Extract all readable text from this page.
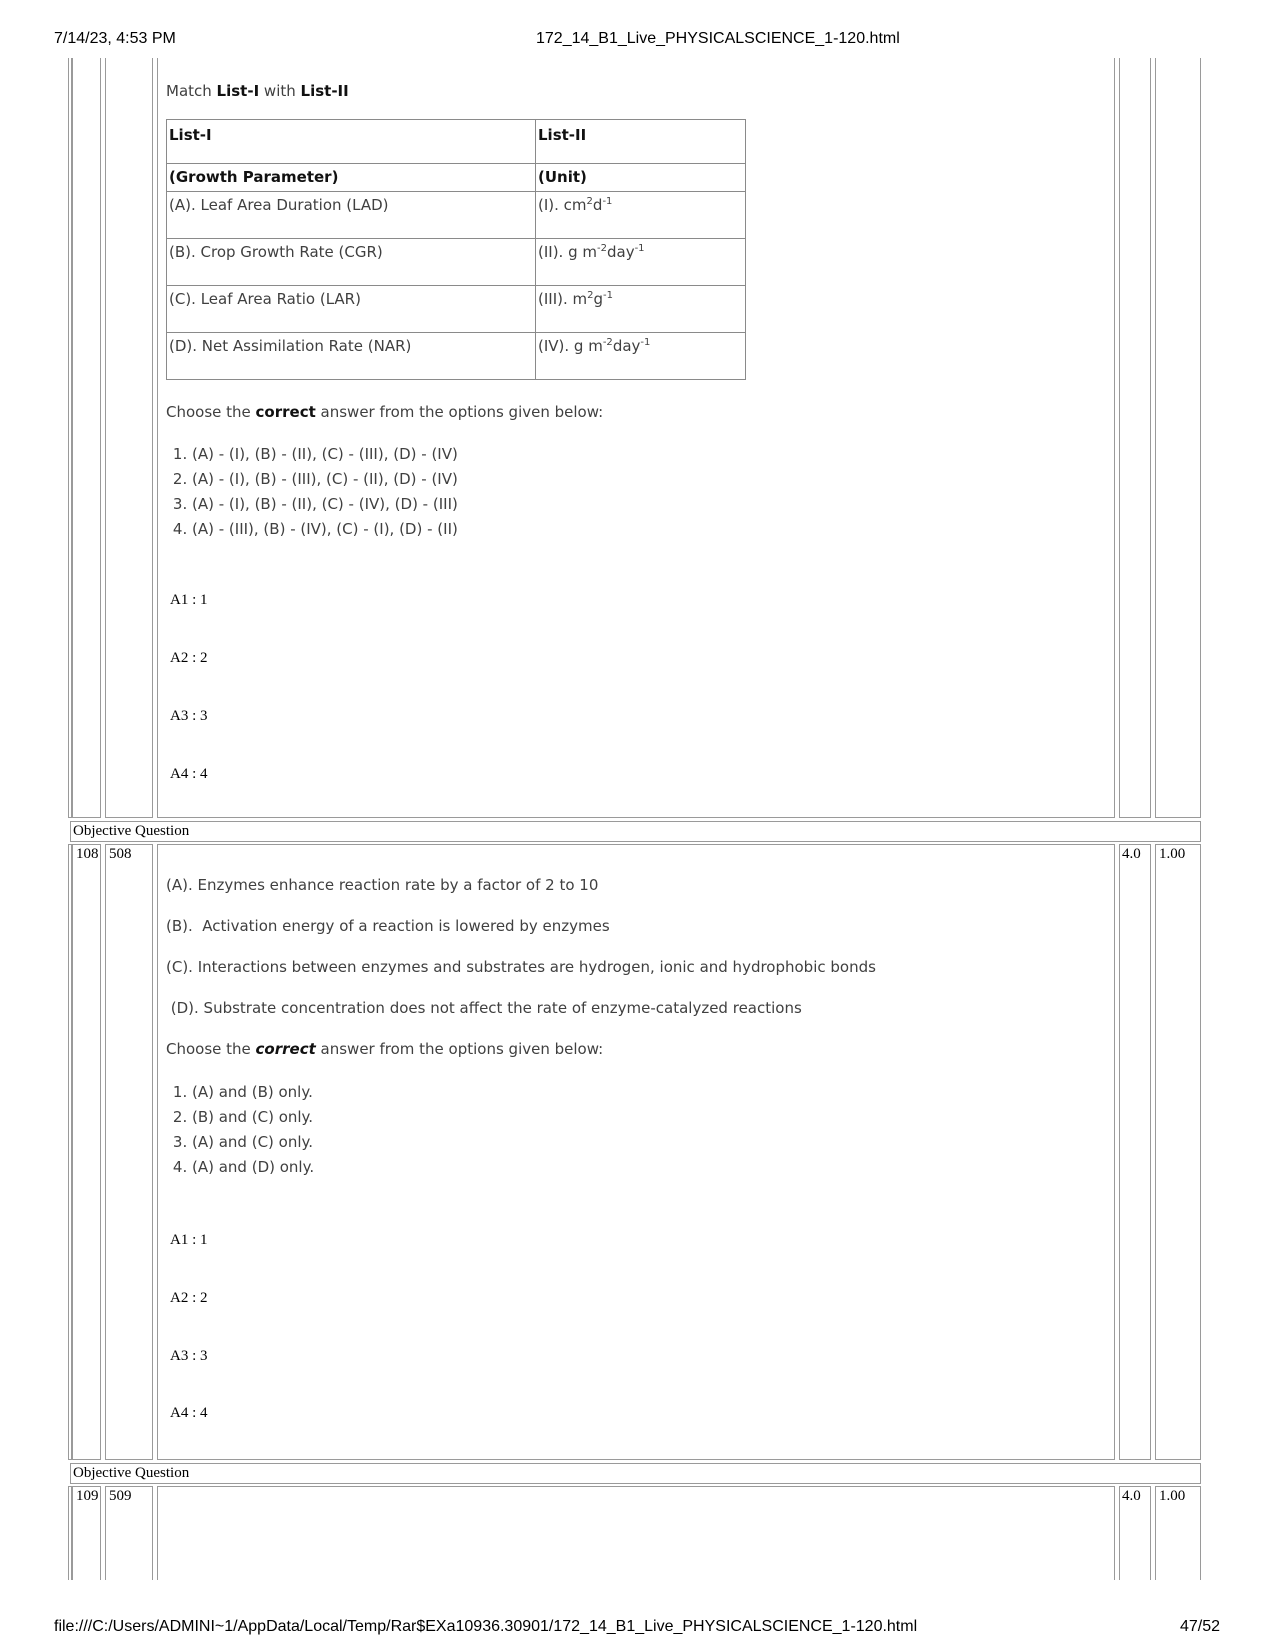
7/14/23, 4:53 PM	172_14_B1_Live_PHYSICALSCIENCE_1-120.html
Match List-I with List-II
List-I	List-II
(Growth Parameter)	(Unit)
(A). Leaf Area Duration (LAD)	(I). $cm^2d^{-1}$
(B). Crop Growth Rate (CGR)	(II). g $m^{-2}day^{-1}$
(C). Leaf Area Ratio (LAR)	(III). $m^2g^{-1}$
(D). Net Assimilation Rate (NAR)	(IV). g $m^{-2}day^{-1}$
Choose the correct answer from the options given below:
1. (A) - (I), (B) - (II), (C) - (III), (D) - (IV)
2. (A) - (I), (B) - (III), (C) - (II), (D) - (IV)
3. (A) - (I), (B) - (II), (C) - (IV), (D) - (III)
4. (A) - (III), (B) - (IV), (C) - (I), (D) - (II)
A1 : 1
A2 : 2
A3 : 3
A4 : 4
Objective Question
108 508	4.0 1.00
(A). Enzymes enhance reaction rate by a factor of 2 to 10
(B).  Activation energy of a reaction is lowered by enzymes
(C). Interactions between enzymes and substrates are hydrogen, ionic and hydrophobic bonds
(D). Substrate concentration does not affect the rate of enzyme-catalyzed reactions
Choose the correct answer from the options given below:
1. (A) and (B) only.
2. (B) and (C) only.
3. (A) and (C) only.
4. (A) and (D) only.
A1 : 1
A2 : 2
A3 : 3
A4 : 4
Objective Question
109 509	4.0 1.00
file:///C:/Users/ADMINI~1/AppData/Local/Temp/Rar$EXa10936.30901/172_14_B1_Live_PHYSICALSCIENCE_1-120.html	47/52
